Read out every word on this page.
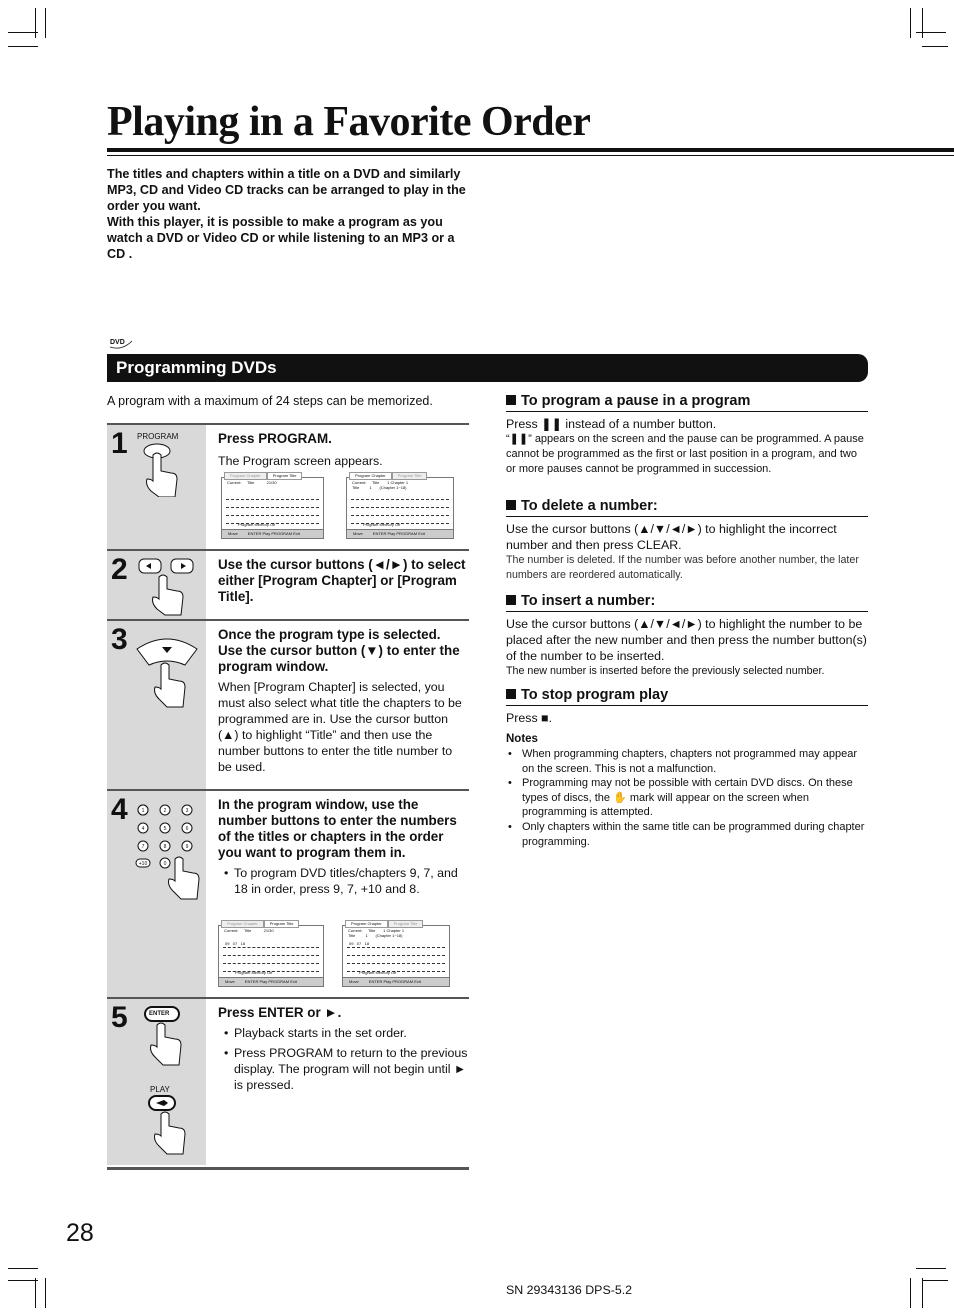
Playing in a Favorite Order

The titles and chapters within a title on a DVD and similarly MP3, CD and Video CD tracks can be arranged to play in the order you want.

With this player, it is possible to make a program as you watch a DVD or Video CD or while listening to an MP3 or a CD .

DVD
Programming DVDs
A program with a maximum of 24 steps can be memorized.
1 PROGRAM	Press PROGRAM.

The Program screen appears.

Program Chapter	Program Title
Current: Title	21/30
Program Memory Off
Move	ENTER Play PROGRAM Exit
Program Chapter	Program Title
Current: Title 1 Chapter 1
Title	1 (Chapter 1~18)
Program Memory Off
Move	ENTER Play PROGRAM Exit
2	Use the cursor buttons (◄/►) to select either [Program Chapter] or [Program Title].

3	Once the program type is selected. Use the cursor button (▼) to enter the program window.

When [Program Chapter] is selected, you must also select what title the chapters to be programmed are in. Use the cursor button (▲) to highlight “Title” and then use the number buttons to enter the title number to be used.

4	1	2	3
4	5	6
7	8	9
+10	0

In the program window, use the number buttons to enter the numbers of the titles or chapters in the order you want to program them in.

• To program DVD titles/chapters 9, 7, and 18 in order, press 9, 7, +10 and 8.

Program Chapter	Program Title
Current: Title	21/30
09 07 18
Program Memory Off
Move	ENTER Play PROGRAM Exit
Program Chapter	Program Title
Current: Title 1 Chapter 1
Title	1 (Chapter 1~18)
09 07 18
Program Memory Off
Move	ENTER Play PROGRAM Exit
5	ENTER
PLAY

Press ENTER or ►.

• Playback starts in the set order.

• Press PROGRAM to return to the previous display. The program will not begin until ► is pressed.

To program a pause in a program
Press ❚❚ instead of a number button.
“❚❚” appears on the screen and the pause can be programmed. A pause cannot be programmed as the first or last position in a program, and two or more pauses cannot be programmed in succession.
To delete a number:
Use the cursor buttons (▲/▼/◄/►) to highlight the incorrect number and then press CLEAR.
The number is deleted. If the number was before another number, the later numbers are reordered automatically.
To insert a number:
Use the cursor buttons (▲/▼/◄/►) to highlight the number to be placed after the new number and then press the number button(s) of the number to be inserted.
The new number is inserted before the previously selected number.
To stop program play
Press ■.
Notes
• When programming chapters, chapters not programmed may appear on the screen. This is not a malfunction.
• Programming may not be possible with certain DVD discs. On these types of discs, the ✋ mark will appear on the screen when programming is attempted.
• Only chapters within the same title can be programmed during chapter programming.
28
SN 29343136 DPS-5.2
